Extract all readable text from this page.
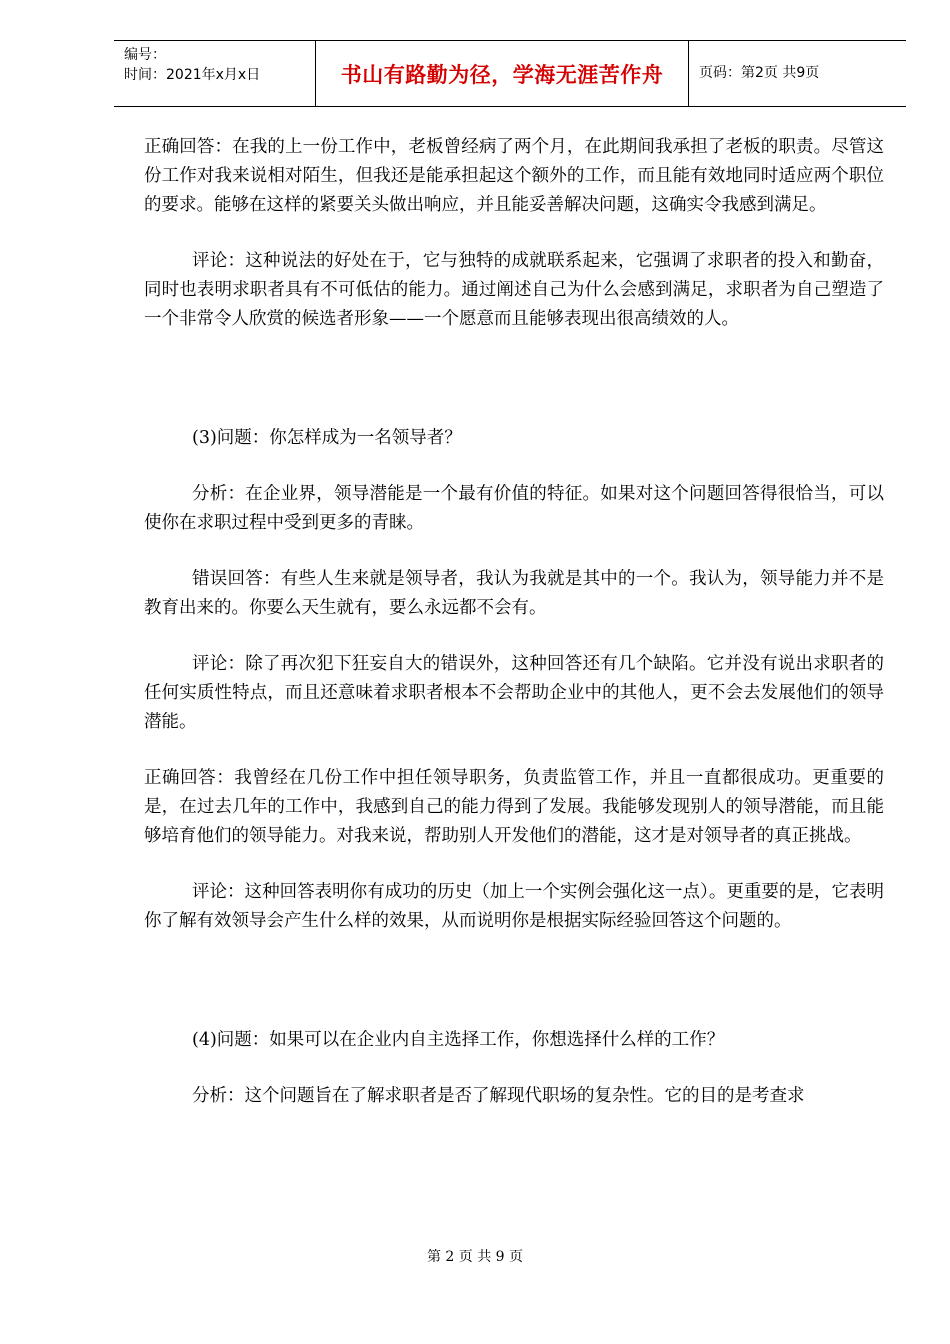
编号：
时间：2021年x月x日	书山有路勤为径，学海无涯苦作舟	页码：第2页 共9页

正确回答：在我的上一份工作中，老板曾经病了两个月，在此期间我承担了老板的职责。尽管这份工作对我来说相对陌生，但我还是能承担起这个额外的工作，而且能有效地同时适应两个职位的要求。能够在这样的紧要关头做出响应，并且能妥善解决问题，这确实令我感到满足。

评论：这种说法的好处在于，它与独特的成就联系起来，它强调了求职者的投入和勤奋，同时也表明求职者具有不可低估的能力。通过阐述自己为什么会感到满足，求职者为自己塑造了一个非常令人欣赏的候选者形象——一个愿意而且能够表现出很高绩效的人。

(3)问题：你怎样成为一名领导者？

分析：在企业界，领导潜能是一个最有价值的特征。如果对这个问题回答得很恰当，可以使你在求职过程中受到更多的青睐。

错误回答：有些人生来就是领导者，我认为我就是其中的一个。我认为，领导能力并不是教育出来的。你要么天生就有，要么永远都不会有。

评论：除了再次犯下狂妄自大的错误外，这种回答还有几个缺陷。它并没有说出求职者的任何实质性特点，而且还意味着求职者根本不会帮助企业中的其他人，更不会去发展他们的领导潜能。

正确回答：我曾经在几份工作中担任领导职务，负责监管工作，并且一直都很成功。更重要的是，在过去几年的工作中，我感到自己的能力得到了发展。我能够发现别人的领导潜能，而且能够培育他们的领导能力。对我来说，帮助别人开发他们的潜能，这才是对领导者的真正挑战。

评论：这种回答表明你有成功的历史（加上一个实例会强化这一点）。更重要的是，它表明你了解有效领导会产生什么样的效果，从而说明你是根据实际经验回答这个问题的。

(4)问题：如果可以在企业内自主选择工作，你想选择什么样的工作？

分析：这个问题旨在了解求职者是否了解现代职场的复杂性。它的目的是考查求

第 2 页 共 9 页
